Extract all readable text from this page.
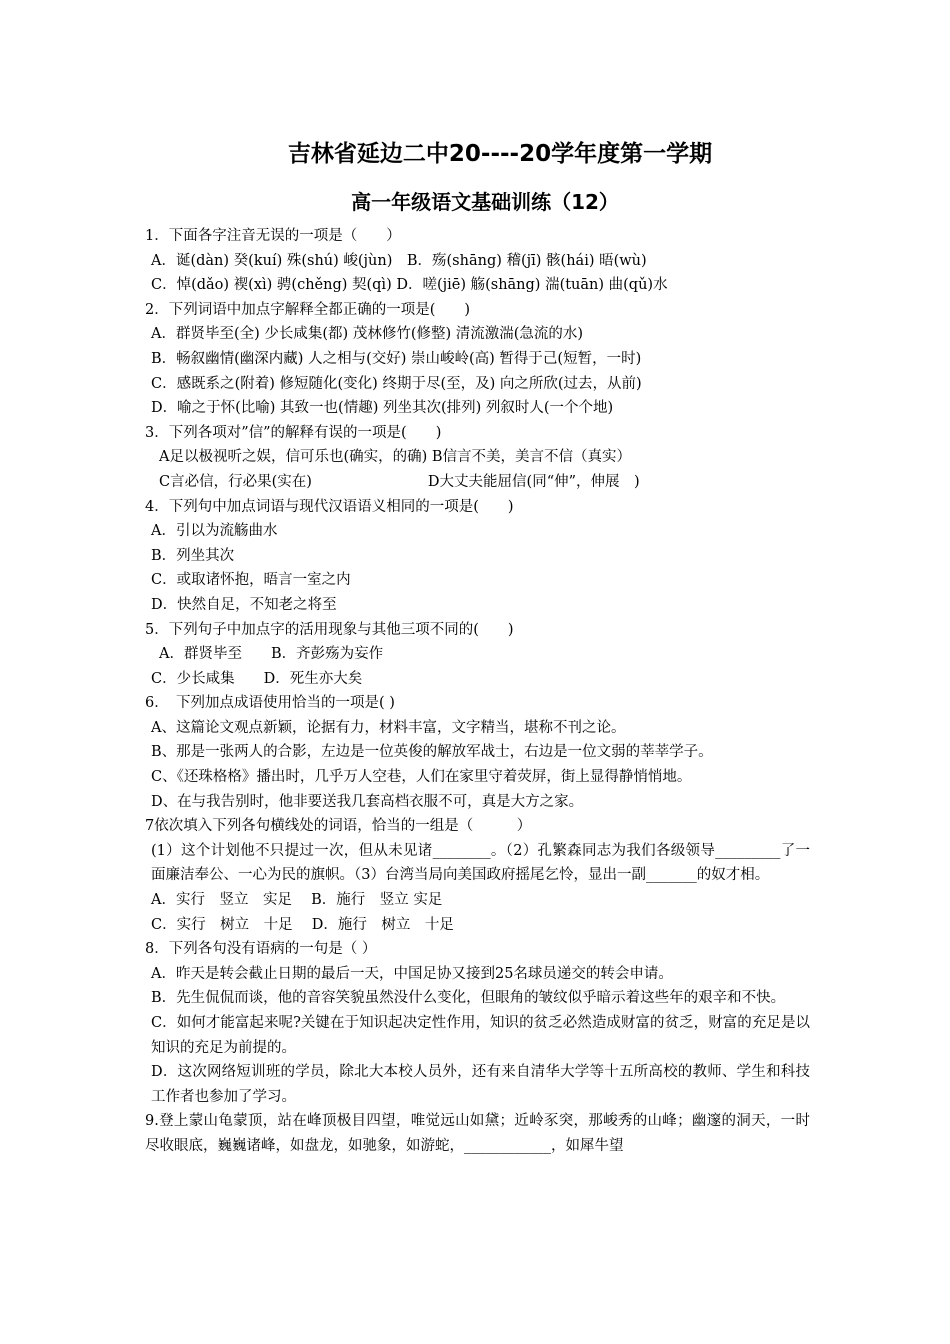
吉林省延边二中20----20学年度第一学期
高一年级语文基础训练（12）
1．下面各字注音无误的一项是（　　）
A．诞(dàn) 癸(kuí) 殊(shú) 峻(jùn)　B．殇(shāng) 稽(jī) 骸(hái) 晤(wù)
C．悼(dǎo) 褉(xì) 骋(chěng) 契(qì) D．嗟(jiē) 觞(shāng) 湍(tuān) 曲(qǔ)水
2．下列词语中加点字解释全都正确的一项是(　　)
A．群贤毕至(全) 少长咸集(都) 茂林修竹(修整) 清流激湍(急流的水)
B．畅叙幽情(幽深内藏) 人之相与(交好) 崇山峻岭(高) 暂得于己(短暂，一时)
C．感既系之(附着) 修短随化(变化) 终期于尽(至，及) 向之所欣(过去，从前)
D．喻之于怀(比喻) 其致一也(情趣) 列坐其次(排列) 列叙时人(一个个地)
3．下列各项对”信”的解释有误的一项是(　　)
A足以极视听之娱，信可乐也(确实，的确) B信言不美，美言不信（真实）
C言必信，行必果(实在)　　　　　　　　D大丈夫能屈信(同“伸”，伸展　)
4．下列句中加点词语与现代汉语语义相同的一项是(　　)
A．引以为流觞曲水
B．列坐其次
C．或取诸怀抱，晤言一室之内
D．快然自足，不知老之将至
5．下列句子中加点字的活用现象与其他三项不同的(　　)
A．群贤毕至　　B．齐彭殇为妄作
C．少长咸集　　D．死生亦大矣
6．　下列加点成语使用恰当的一项是( )
A、这篇论文观点新颖，论据有力，材料丰富，文字精当，堪称不刊之论。
B、那是一张两人的合影，左边是一位英俊的解放军战士，右边是一位文弱的莘莘学子。
C、《还珠格格》播出时，几乎万人空巷，人们在家里守着荧屏，街上显得静悄悄地。
D、在与我告别时，他非要送我几套高档衣服不可，真是大方之家。
7依次填入下列各句横线处的词语，恰当的一组是（　　　）
(1）这个计划他不只提过一次，但从未见诸________。（2）孔繁森同志为我们各级领导_________了一面廉洁奉公、一心为民的旗帜。（3）台湾当局向美国政府摇尾乞怜，显出一副_______的奴才相。
A．实行　竖立　实足　 B．施行　竖立 实足
C．实行　树立　十足　 D．施行　树立　十足
8．下列各句没有语病的一句是（ ）
A．昨天是转会截止日期的最后一天，中国足协又接到25名球员递交的转会申请。
B．先生侃侃而谈，他的音容笑貌虽然没什么变化，但眼角的皱纹似乎暗示着这些年的艰辛和不快。
C．如何才能富起来呢?关键在于知识起决定性作用，知识的贫乏必然造成财富的贫乏，财富的充足是以知识的充足为前提的。
D．这次网络短训班的学员，除北大本校人员外，还有来自清华大学等十五所高校的教师、学生和科技工作者也参加了学习。
9.登上蒙山龟蒙顶，站在峰顶极目四望，唯觉远山如黛；近岭豕突，那峻秀的山峰；幽邃的洞天，一时尽收眼底，巍巍诸峰，如盘龙，如驰象，如游蛇，____________，如犀牛望
